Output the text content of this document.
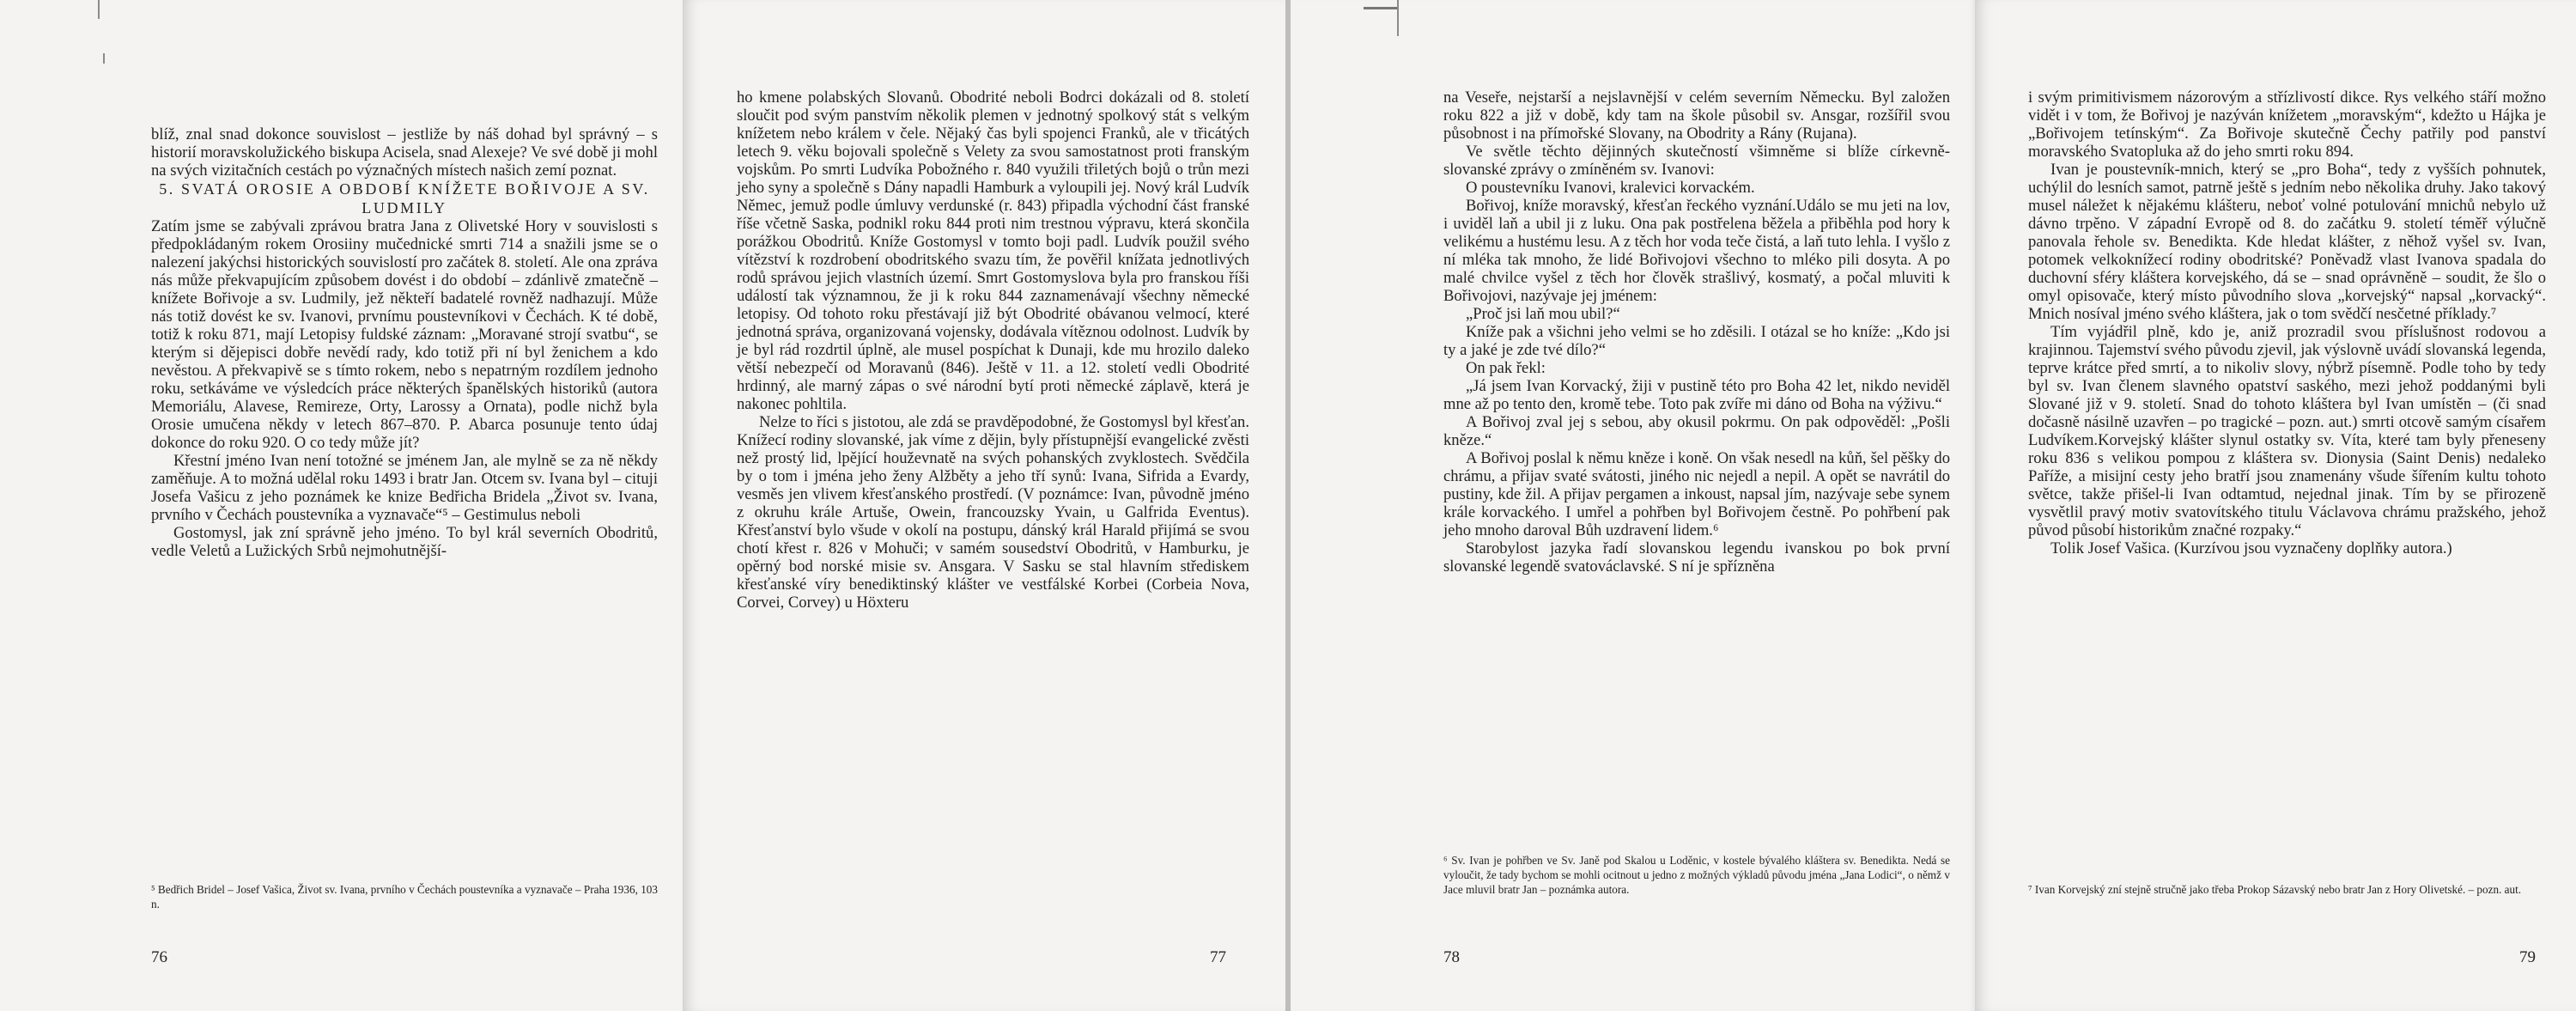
blíž, znal snad dokonce souvislost – jestliže by náš dohad byl správný – s historií moravskolužického biskupa Acisela, snad Alexeje? Ve své době ji mohl na svých vizitačních cestách po význačných místech našich zemí poznat.

5. SVATÁ OROSIE A OBDOBÍ KNÍŽETE BOŘIVOJE A SV. LUDMILY

Zatím jsme se zabývali zprávou bratra Jana z Olivetské Hory v souvislosti s předpokládaným rokem Orosiiny mučednické smrti 714 a snažili jsme se o nalezení jakýchsi historických souvislostí pro začátek 8. století. Ale ona zpráva nás může překvapujícím způsobem dovést i do období – zdánlivě zmatečně – knížete Bořivoje a sv. Ludmily, jež někteří badatelé rovněž nadhazují. Může nás totiž dovést ke sv. Ivanovi, prvnímu poustevníkovi v Čechách. K té době, totiž k roku 871, mají Letopisy fuldské záznam: „Moravané strojí svatbu“, se kterým si dějepisci dobře nevědí rady, kdo totiž při ní byl ženichem a kdo nevěstou. A překvapivě se s tímto rokem, nebo s nepatrným rozdílem jednoho roku, setkáváme ve výsledcích práce některých španělských historiků (autora Memoriálu, Alavese, Remireze, Orty, Larossy a Ornata), podle nichž byla Orosie umučena někdy v letech 867–870. P. Abarca posunuje tento údaj dokonce do roku 920. O co tedy může jít?

Křestní jméno Ivan není totožné se jménem Jan, ale mylně se za ně někdy zaměňuje. A to možná udělal roku 1493 i bratr Jan. Otcem sv. Ivana byl – cituji Josefa Vašicu z jeho poznámek ke knize Bedřicha Bridela „Život sv. Ivana, prvního v Čechách poustevníka a vyznavače“⁵ – Gestimulus neboli

Gostomysl, jak zní správně jeho jméno. To byl král severních Obodritů, vedle Veletů a Lužických Srbů nejmohutnější-

⁵ Bedřich Bridel – Josef Vašica, Život sv. Ivana, prvního v Čechách poustevníka a vyznavače – Praha 1936, 103 n.
76

ho kmene polabských Slovanů. Obodrité neboli Bodrci dokázali od 8. století sloučit pod svým panstvím několik plemen v jednotný spolkový stát s velkým knížetem nebo králem v čele. Nějaký čas byli spojenci Franků, ale v třicátých letech 9. věku bojovali společně s Velety za svou samostatnost proti franským vojskům. Po smrti Ludvíka Pobožného r. 840 využili třiletých bojů o trůn mezi jeho syny a společně s Dány napadli Hamburk a vyloupili jej. Nový král Ludvík Němec, jemuž podle úmluvy verdunské (r. 843) připadla východní část franské říše včetně Saska, podnikl roku 844 proti nim trestnou výpravu, která skončila porážkou Obodritů. Kníže Gostomysl v tomto boji padl. Ludvík použil svého vítězství k rozdrobení obodritského svazu tím, že pověřil knížata jednotlivých rodů správou jejich vlastních území. Smrt Gostomyslova byla pro franskou říši událostí tak významnou, že ji k roku 844 zaznamenávají všechny německé letopisy. Od tohoto roku přestávají již být Obodrité obávanou velmocí, které jednotná správa, organizovaná vojensky, dodávala vítěznou odolnost. Ludvík by je byl rád rozdrtil úplně, ale musel pospíchat k Dunaji, kde mu hrozilo daleko větší nebezpečí od Moravanů (846). Ještě v 11. a 12. století vedli Obodrité hrdinný, ale marný zápas o své národní bytí proti německé záplavě, která je nakonec pohltila.

Nelze to říci s jistotou, ale zdá se pravděpodobné, že Gostomysl byl křesťan. Knížecí rodiny slovanské, jak víme z dějin, byly přístupnější evangelické zvěsti než prostý lid, lpějící houževnatě na svých pohanských zvyklostech. Svědčila by o tom i jména jeho ženy Alžběty a jeho tří synů: Ivana, Sifrida a Evardy, vesměs jen vlivem křesťanského prostředí. (V poznámce: Ivan, původně jméno z okruhu krále Artuše, Owein, francouzsky Yvain, u Galfrida Eventus). Křesťanství bylo všude v okolí na postupu, dánský král Harald přijímá se svou chotí křest r. 826 v Mohuči; v samém sousedství Obodritů, v Hamburku, je opěrný bod norské misie sv. Ansgara. V Sasku se stal hlavním střediskem křesťanské víry benediktinský klášter ve vestfálské Korbei (Corbeia Nova, Corvei, Corvey) u Höxteru

77

na Veseře, nejstarší a nejslavnější v celém severním Německu. Byl založen roku 822 a již v době, kdy tam na škole působil sv. Ansgar, rozšířil svou působnost i na přímořské Slovany, na Obodrity a Rány (Rujana).

Ve světle těchto dějinných skutečností všimněme si blíže církevně-slovanské zprávy o zmíněném sv. Ivanovi:

O poustevníku Ivanovi, kralevici korvackém.

Bořivoj, kníže moravský, křesťan řeckého vyznání.Událo se mu jeti na lov, i uviděl laň a ubil ji z luku. Ona pak postřelena běžela a přiběhla pod hory k velikému a hustému lesu. A z těch hor voda teče čistá, a laň tuto lehla. I vyšlo z ní mléka tak mnoho, že lidé Bořivojovi všechno to mléko pili dosyta. A po malé chvilce vyšel z těch hor člověk strašlivý, kosmatý, a počal mluviti k Bořivojovi, nazývaje jej jménem:

„Proč jsi laň mou ubil?“

Kníže pak a všichni jeho velmi se ho zděsili. I otázal se ho kníže: „Kdo jsi ty a jaké je zde tvé dílo?“

On pak řekl:

„Já jsem Ivan Korvacký, žiji v pustině této pro Boha 42 let, nikdo neviděl mne až po tento den, kromě tebe. Toto pak zvíře mi dáno od Boha na výživu.“

A Bořivoj zval jej s sebou, aby okusil pokrmu. On pak odpověděl: „Pošli kněze.“

A Bořivoj poslal k němu kněze i koně. On však nesedl na kůň, šel pěšky do chrámu, a přijav svaté svátosti, jiného nic nejedl a nepil. A opět se navrátil do pustiny, kde žil. A přijav pergamen a inkoust, napsal jím, nazývaje sebe synem krále korvackého. I umřel a pohřben byl Bořivojem čestně. Po pohřbení pak jeho mnoho daroval Bůh uzdravení lidem.⁶

Starobylost jazyka řadí slovanskou legendu ivanskou po bok první slovanské legendě svatováclavské. S ní je spřízněna

⁶ Sv. Ivan je pohřben ve Sv. Janě pod Skalou u Loděnic, v kostele bývalého kláštera sv. Benedikta. Nedá se vyloučit, že tady bychom se mohli ocitnout u jedno z možných výkladů původu jména „Jana Lodici“, o němž v Jace mluvil bratr Jan – poznámka autora.
78

i svým primitivismem názorovým a střízlivostí dikce. Rys velkého stáří možno vidět i v tom, že Bořivoj je nazýván knížetem „moravským“, kdežto u Hájka je „Bořivojem tetínským“. Za Bořivoje skutečně Čechy patřily pod panství moravského Svatopluka až do jeho smrti roku 894.

Ivan je poustevník-mnich, který se „pro Boha“, tedy z vyšších pohnutek, uchýlil do lesních samot, patrně ještě s jedním nebo několika druhy. Jako takový musel náležet k nějakému klášteru, neboť volné potulování mnichů nebylo už dávno trpěno. V západní Evropě od 8. do začátku 9. století téměř výlučně panovala řehole sv. Benedikta. Kde hledat klášter, z něhož vyšel sv. Ivan, potomek velkoknížecí rodiny obodritské? Poněvadž vlast Ivanova spadala do duchovní sféry kláštera korvejského, dá se – snad oprávněně – soudit, že šlo o omyl opisovače, který místo původního slova „korvejský“ napsal „korvacký“. Mnich nosíval jméno svého kláštera, jak o tom svědčí nesčetné příklady.⁷

Tím vyjádřil plně, kdo je, aniž prozradil svou příslušnost rodovou a krajinnou. Tajemství svého původu zjevil, jak výslovně uvádí slovanská legenda, teprve krátce před smrtí, a to nikoliv slovy, nýbrž písemně. Podle toho by tedy byl sv. Ivan členem slavného opatství saského, mezi jehož poddanými byli Slované již v 9. století. Snad do tohoto kláštera byl Ivan umístěn – (či snad dočasně násilně uzavřen – po tragické – pozn. aut.) smrti otcově samým císařem Ludvíkem.Korvejský klášter slynul ostatky sv. Víta, které tam byly přeneseny roku 836 s velikou pompou z kláštera sv. Dionysia (Saint Denis) nedaleko Paříže, a misijní cesty jeho bratří jsou znamenány všude šířením kultu tohoto světce, takže přišel-li Ivan odtamtud, nejednal jinak. Tím by se přirozeně vysvětlil pravý motiv svatovítského titulu Václavova chrámu pražského, jehož původ působí historikům značné rozpaky.“

Tolik Josef Vašica. (Kurzívou jsou vyznačeny doplňky autora.)

⁷ Ivan Korvejský zní stejně stručně jako třeba Prokop Sázavský nebo bratr Jan z Hory Olivetské. – pozn. aut.
79
